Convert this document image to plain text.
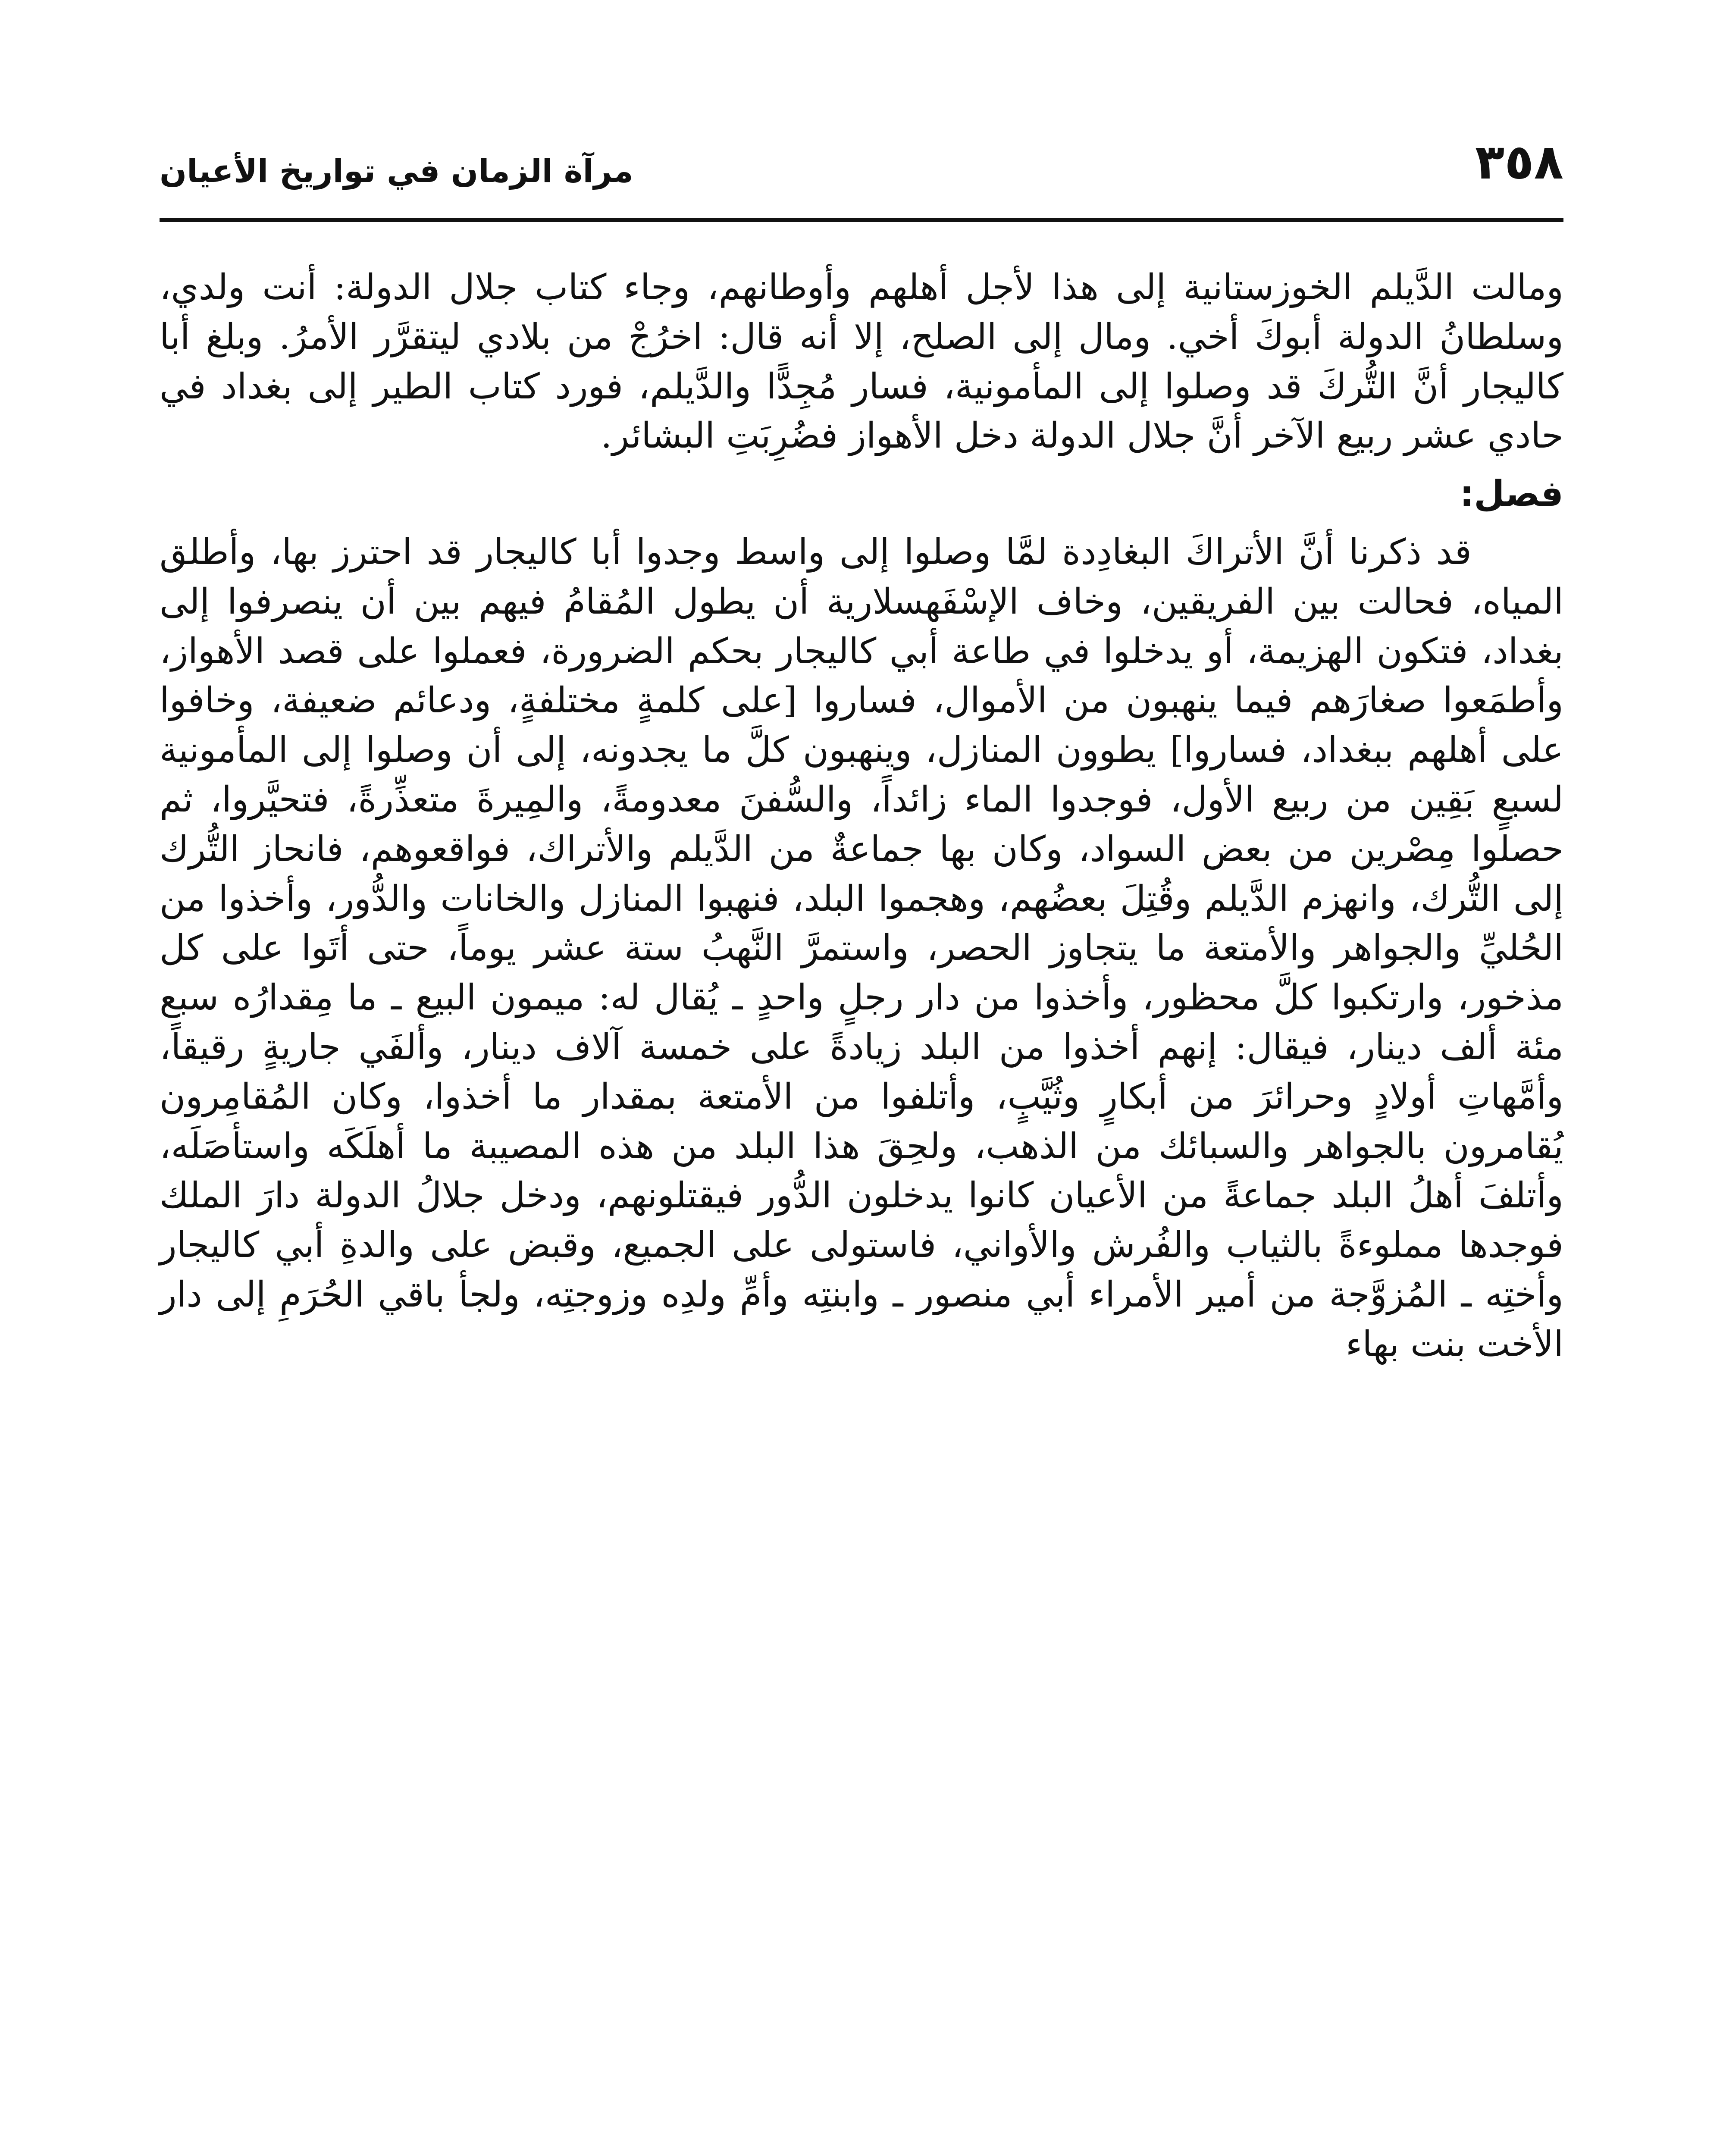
٣٥٨
مرآة الزمان في تواريخ الأعيان

ومالت الدَّيلم الخوزستانية إلى هذا لأجل أهلهم وأوطانهم، وجاء كتاب جلال الدولة: أنت ولدي، وسلطانُ الدولة أبوكَ أخي. ومال إلى الصلح، إلا أنه قال: اخرُجْ من بلادي ليتقرَّر الأمرُ. وبلغ أبا كاليجار أنَّ التُّركَ قد وصلوا إلى المأمونية، فسار مُجِدًّا والدَّيلم، فورد كتاب الطير إلى بغداد في حادي عشر ربيع الآخر أنَّ جلال الدولة دخل الأهواز فضُرِبَتِ البشائر.

فصل:

قد ذكرنا أنَّ الأتراكَ البغادِدة لمَّا وصلوا إلى واسط وجدوا أبا كاليجار قد احترز بها، وأطلق المياه، فحالت بين الفريقين، وخاف الإسْفَهسلارية أن يطول المُقامُ فيهم بين أن ينصرفوا إلى بغداد، فتكون الهزيمة، أو يدخلوا في طاعة أبي كاليجار بحكم الضرورة، فعملوا على قصد الأهواز، وأطمَعوا صغارَهم فيما ينهبون من الأموال، فساروا [على كلمةٍ مختلفةٍ، ودعائم ضعيفة، وخافوا على أهلهم ببغداد، فساروا] يطوون المنازل، وينهبون كلَّ ما يجدونه، إلى أن وصلوا إلى المأمونية لسبعٍ بَقِين من ربيع الأول، فوجدوا الماء زائداً، والسُّفنَ معدومةً، والمِيرةَ متعذِّرةً، فتحيَّروا، ثم حصلوا مِصْرين من بعض السواد، وكان بها جماعةٌ من الدَّيلم والأتراك، فواقعوهم، فانحاز التُّرك إلى التُّرك، وانهزم الدَّيلم وقُتِلَ بعضُهم، وهجموا البلد، فنهبوا المنازل والخانات والدُّور، وأخذوا من الحُليِّ والجواهر والأمتعة ما يتجاوز الحصر، واستمرَّ النَّهبُ ستة عشر يوماً، حتى أتَوا على كل مذخور، وارتكبوا كلَّ محظور، وأخذوا من دار رجلٍ واحدٍ ـ يُقال له: ميمون البيع ـ ما مِقدارُه سبع مئة ألف دينار، فيقال: إنهم أخذوا من البلد زيادةً على خمسة آلاف دينار، وألفَي جاريةٍ رقيقاً، وأمَّهاتِ أولادٍ وحرائرَ من أبكارٍ وثُيَّبٍ، وأتلفوا من الأمتعة بمقدار ما أخذوا، وكان المُقامِرون يُقامرون بالجواهر والسبائك من الذهب، ولحِقَ هذا البلد من هذه المصيبة ما أهلَكَه واستأصَلَه، وأتلفَ أهلُ البلد جماعةً من الأعيان كانوا يدخلون الدُّور فيقتلونهم، ودخل جلالُ الدولة دارَ الملك فوجدها مملوءةً بالثياب والفُرش والأواني، فاستولى على الجميع، وقبض على والدةِ أبي كاليجار وأختِه ـ المُزوَّجة من أمير الأمراء أبي منصور ـ وابنتِه وأمِّ ولدِه وزوجتِه، ولجأ باقي الحُرَمِ إلى دار الأخت بنت بهاء
